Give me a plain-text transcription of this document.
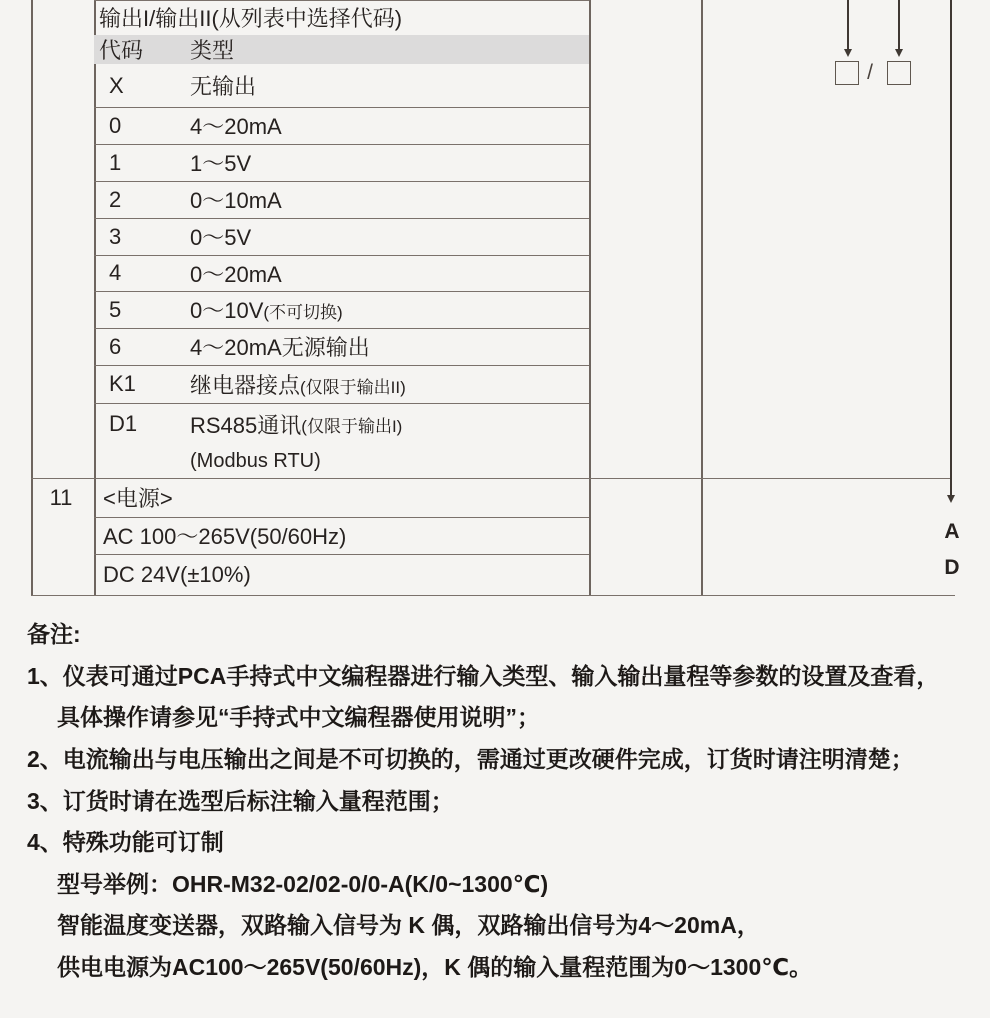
输出I/输出II(从列表中选择代码)
代码	类型
X	无输出
0	4～20mA
1	1～5V
2	0～10mA
3	0～5V
4	0～20mA
5	0～10V(不可切换)
6	4～20mA无源输出
K1	继电器接点(仅限于输出II)
D1	RS485通讯 (仅限于输出I)
(Modbus RTU)
11	<电源>
AC 100～265V(50/60Hz)
DC 24V(±10%)
/
A
D
备注:
1、仪表可通过PCA手持式中文编程器进行输入类型、输入输出量程等参数的设置及查看，
具体操作请参见“手持式中文编程器使用说明”；
2、电流输出与电压输出之间是不可切换的，需通过更改硬件完成，订货时请注明清楚；
3、订货时请在选型后标注输入量程范围；
4、特殊功能可订制
型号举例：OHR-M32-02/02-0/0-A(K/0~1300℃)
智能温度变送器，双路输入信号为 K 偶，双路输出信号为4～20mA，
供电电源为AC100～265V(50/60Hz)，K 偶的输入量程范围为0～1300℃。
